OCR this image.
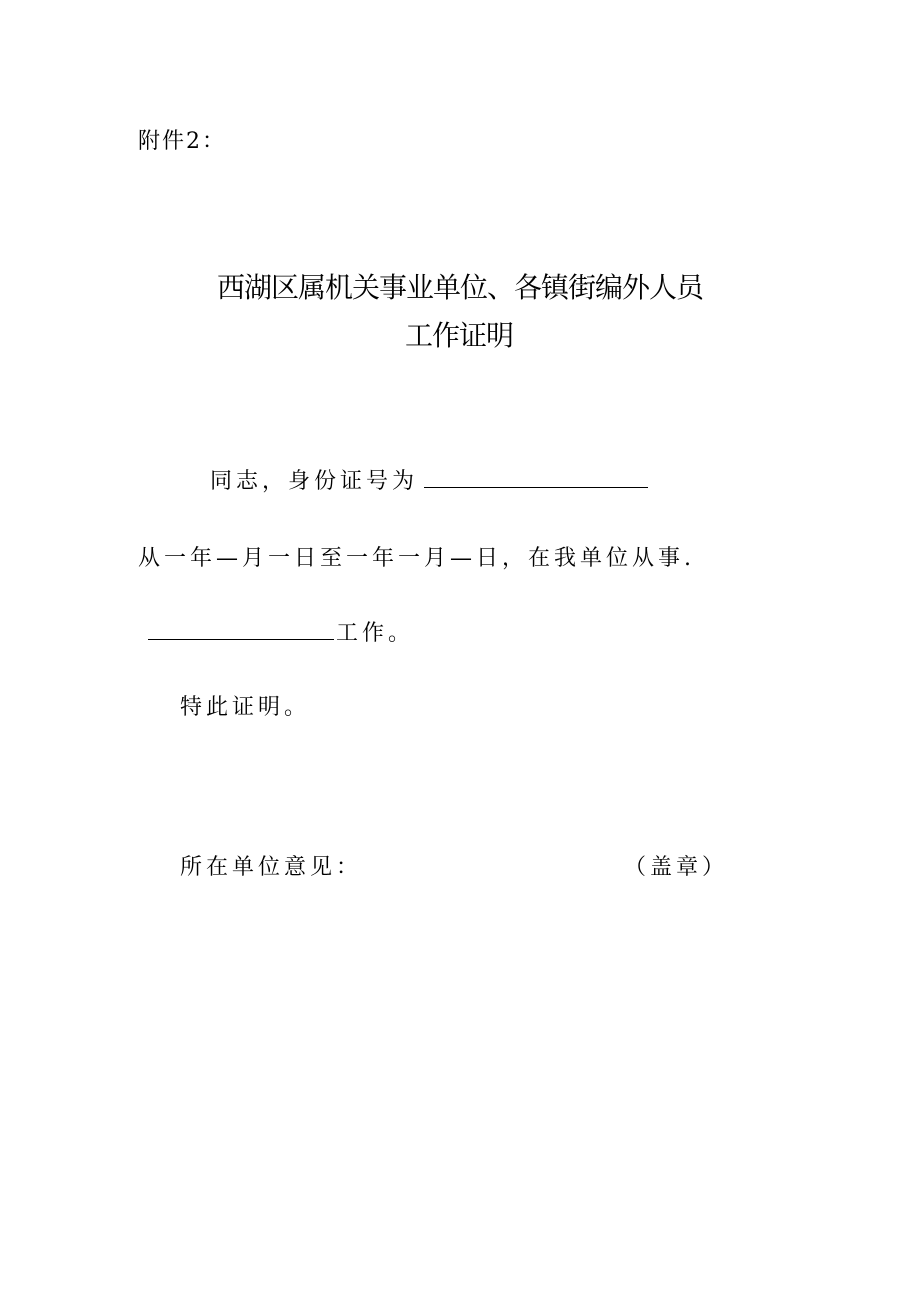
附件2：
西湖区属机关事业单位、各镇街编外人员
工作证明
同志，身份证号为
从一年—月一日至一年一月—日，在我单位从事.
工作。
特此证明。
所在单位意见：	（盖章）
